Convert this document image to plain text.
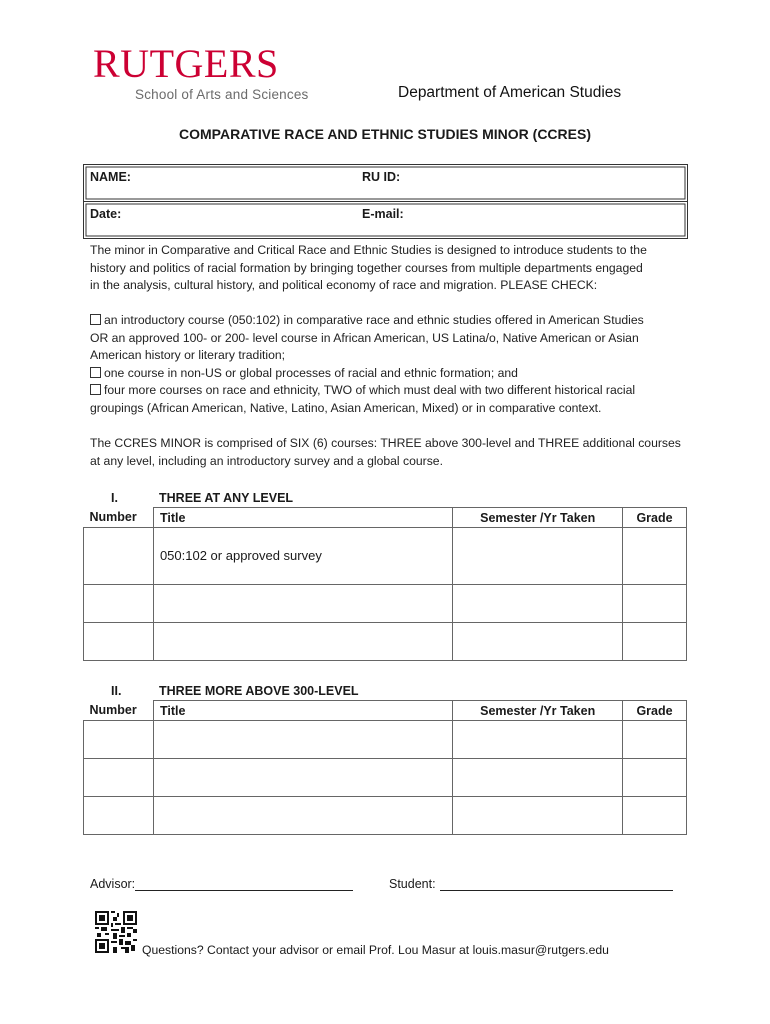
RUTGERS
School of Arts and Sciences	Department of American Studies
COMPARATIVE RACE AND ETHNIC STUDIES MINOR (CCRES)
NAME:	RU ID:
Date:	E-mail:
The minor in Comparative and Critical Race and Ethnic Studies is designed to introduce students to the
history and politics of racial formation by bringing together courses from multiple departments engaged
in the analysis, cultural history, and political economy of race and migration. PLEASE CHECK:
an introductory course (050:102) in comparative race and ethnic studies offered in American Studies
OR an approved 100- or 200- level course in African American, US Latina/o, Native American or Asian
American history or literary tradition;
one course in non-US or global processes of racial and ethnic formation; and
four more courses on race and ethnicity, TWO of which must deal with two different historical racial
groupings (African American, Native, Latino, Asian American, Mixed) or in comparative context.
The CCRES MINOR is comprised of SIX (6) courses: THREE above 300-level and THREE additional courses
at any level, including an introductory survey and a global course.
I.	THREE AT ANY LEVEL
Number	Title	Semester /Yr Taken	Grade
	050:102 or approved survey		

II.	THREE MORE ABOVE 300-LEVEL
Number	Title	Semester /Yr Taken	Grade

Advisor:	Student:
Questions? Contact your advisor or email Prof. Lou Masur at louis.masur@rutgers.edu
